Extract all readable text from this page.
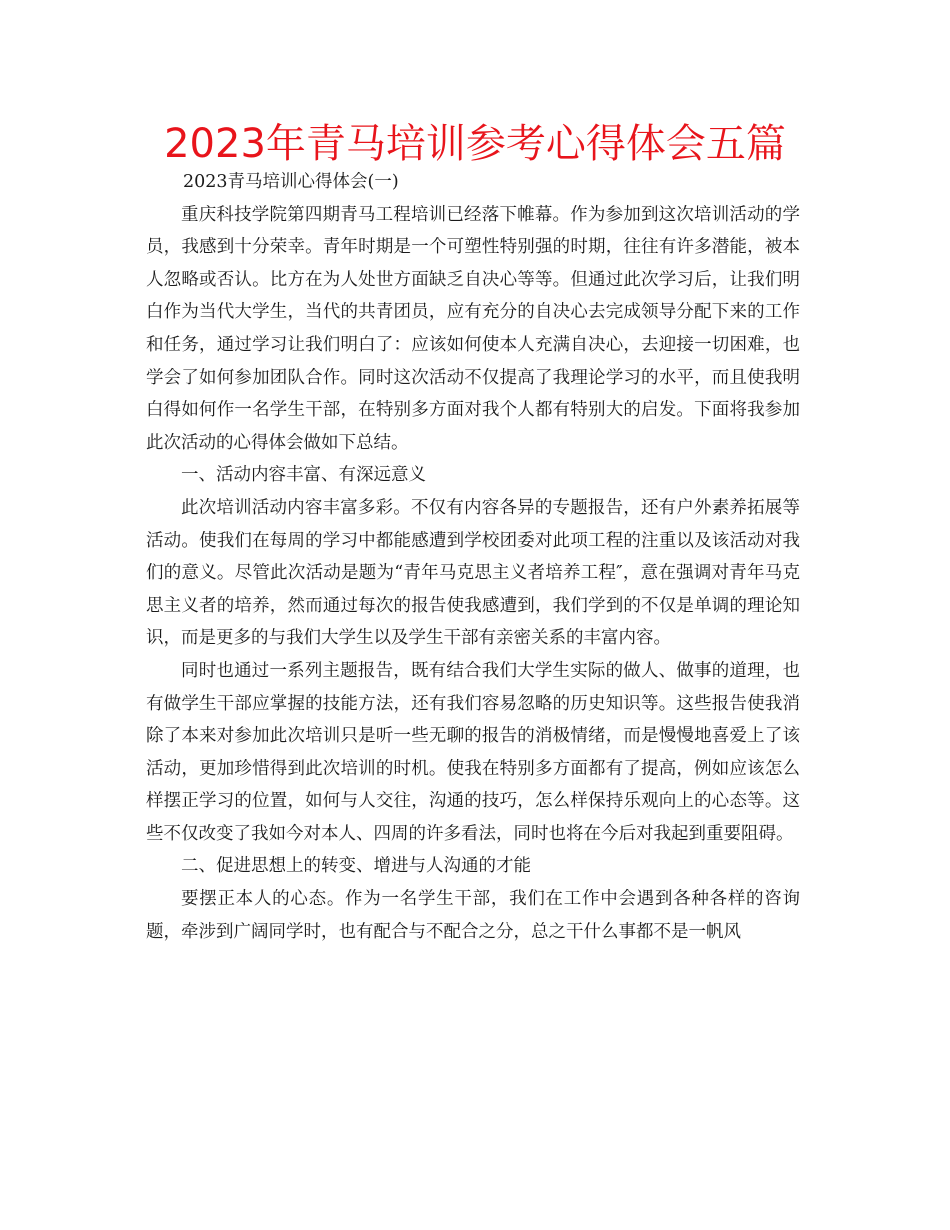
2023年青马培训参考心得体会五篇

2023青马培训心得体会(一)

重庆科技学院第四期青马工程培训已经落下帷幕。作为参加到这次培训活动的学员，我感到十分荣幸。青年时期是一个可塑性特别强的时期，往往有许多潜能，被本人忽略或否认。比方在为人处世方面缺乏自决心等等。但通过此次学习后，让我们明白作为当代大学生，当代的共青团员，应有充分的自决心去完成领导分配下来的工作和任务，通过学习让我们明白了：应该如何使本人充满自决心，去迎接一切困难，也学会了如何参加团队合作。同时这次活动不仅提高了我理论学习的水平，而且使我明白得如何作一名学生干部，在特别多方面对我个人都有特别大的启发。下面将我参加此次活动的心得体会做如下总结。

一、活动内容丰富、有深远意义

此次培训活动内容丰富多彩。不仅有内容各异的专题报告，还有户外素养拓展等活动。使我们在每周的学习中都能感遭到学校团委对此项工程的注重以及该活动对我们的意义。尽管此次活动是题为“青年马克思主义者培养工程″，意在强调对青年马克思主义者的培养，然而通过每次的报告使我感遭到，我们学到的不仅是单调的理论知识，而是更多的与我们大学生以及学生干部有亲密关系的丰富内容。

同时也通过一系列主题报告，既有结合我们大学生实际的做人、做事的道理，也有做学生干部应掌握的技能方法，还有我们容易忽略的历史知识等。这些报告使我消除了本来对参加此次培训只是听一些无聊的报告的消极情绪，而是慢慢地喜爱上了该活动，更加珍惜得到此次培训的时机。使我在特别多方面都有了提高，例如应该怎么样摆正学习的位置，如何与人交往，沟通的技巧，怎么样保持乐观向上的心态等。这些不仅改变了我如今对本人、四周的许多看法，同时也将在今后对我起到重要阻碍。

二、促进思想上的转变、增进与人沟通的才能

要摆正本人的心态。作为一名学生干部，我们在工作中会遇到各种各样的咨询题，牵涉到广阔同学时，也有配合与不配合之分，总之干什么事都不是一帆风
